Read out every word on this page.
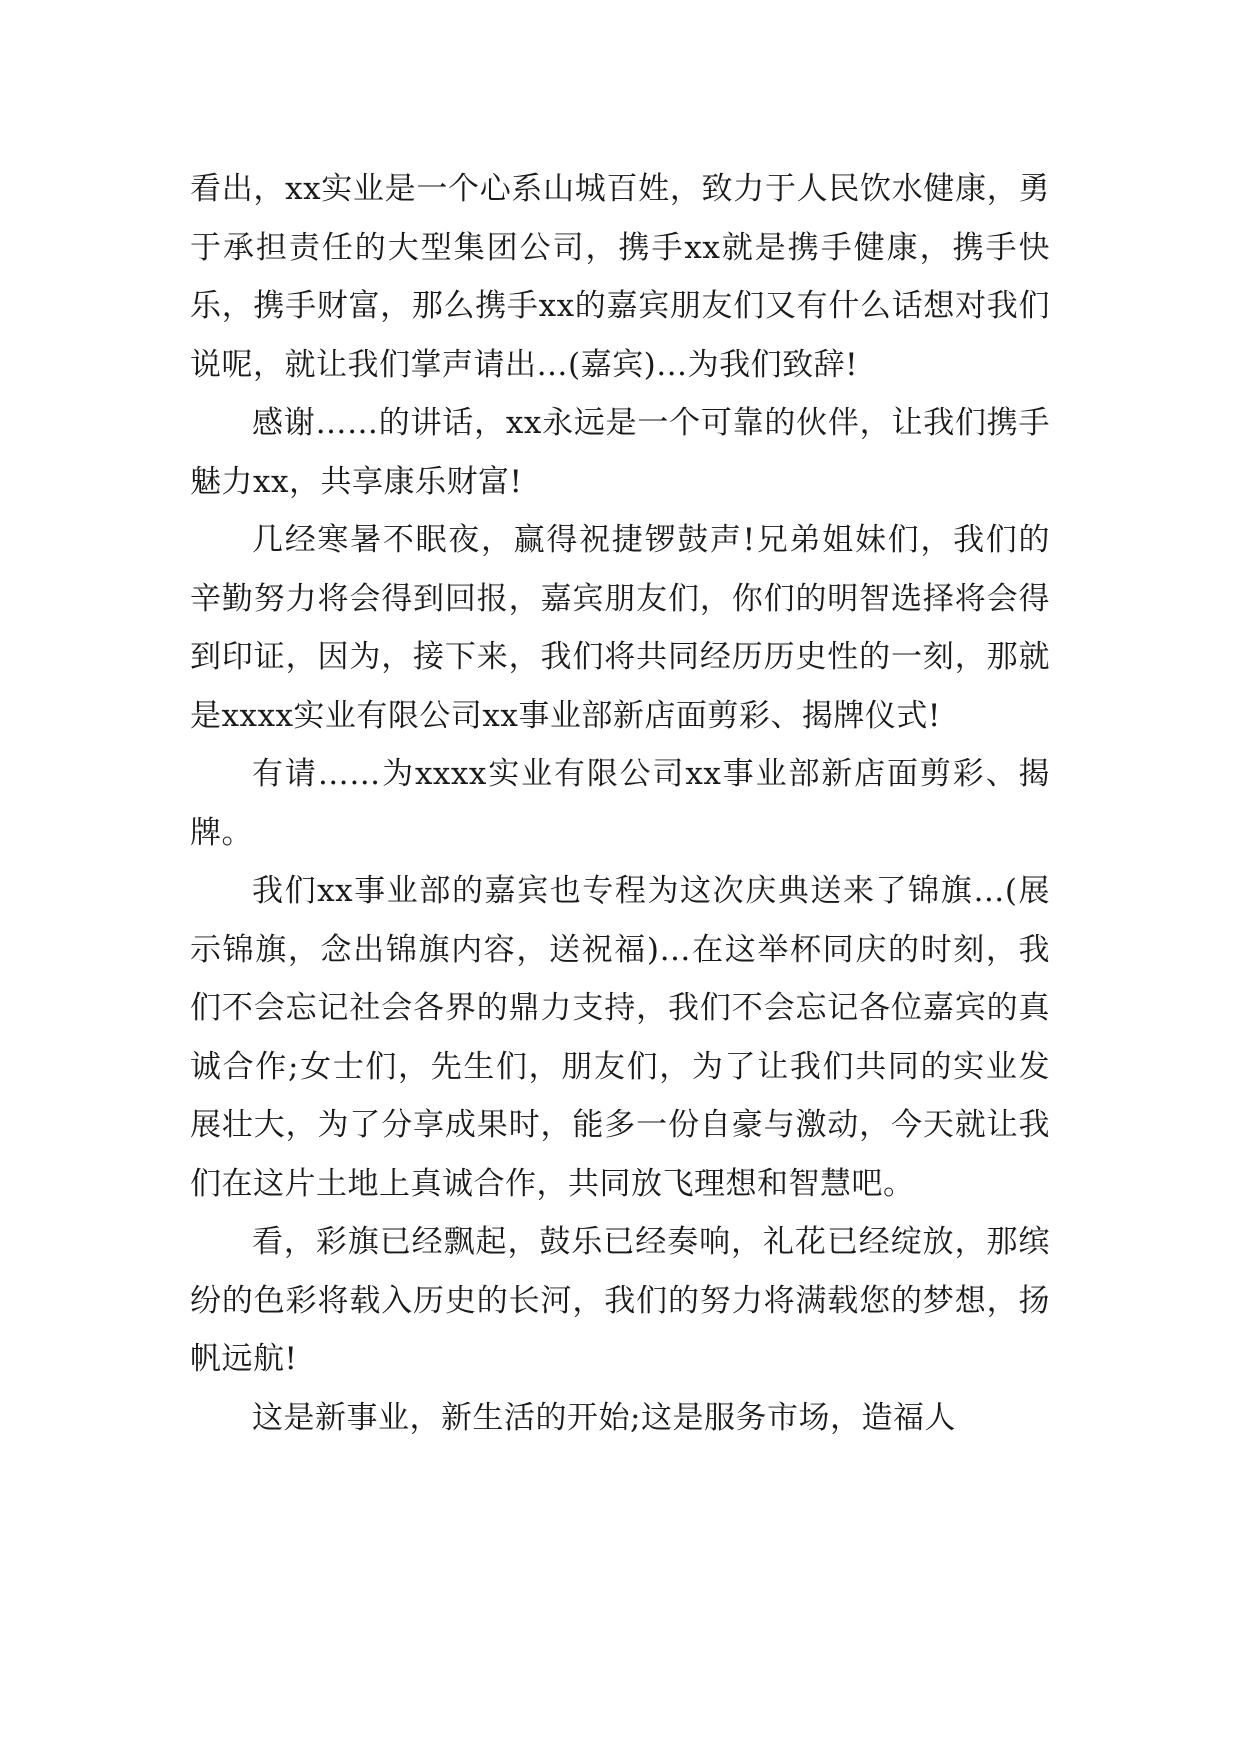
看出，xx实业是一个心系山城百姓，致力于人民饮水健康，勇于承担责任的大型集团公司，携手xx就是携手健康，携手快乐，携手财富，那么携手xx的嘉宾朋友们又有什么话想对我们说呢，就让我们掌声请出…(嘉宾)…为我们致辞!

感谢……的讲话，xx永远是一个可靠的伙伴，让我们携手魅力xx，共享康乐财富!

几经寒暑不眠夜，赢得祝捷锣鼓声!兄弟姐妹们，我们的辛勤努力将会得到回报，嘉宾朋友们，你们的明智选择将会得到印证，因为，接下来，我们将共同经历历史性的一刻，那就是xxxx实业有限公司xx事业部新店面剪彩、揭牌仪式!

有请……为xxxx实业有限公司xx事业部新店面剪彩、揭牌。

我们xx事业部的嘉宾也专程为这次庆典送来了锦旗…(展示锦旗，念出锦旗内容，送祝福)…在这举杯同庆的时刻，我们不会忘记社会各界的鼎力支持，我们不会忘记各位嘉宾的真诚合作;女士们，先生们，朋友们，为了让我们共同的实业发展壮大，为了分享成果时，能多一份自豪与激动，今天就让我们在这片土地上真诚合作，共同放飞理想和智慧吧。

看，彩旗已经飘起，鼓乐已经奏响，礼花已经绽放，那缤纷的色彩将载入历史的长河，我们的努力将满载您的梦想，扬帆远航!

这是新事业，新生活的开始;这是服务市场，造福人
